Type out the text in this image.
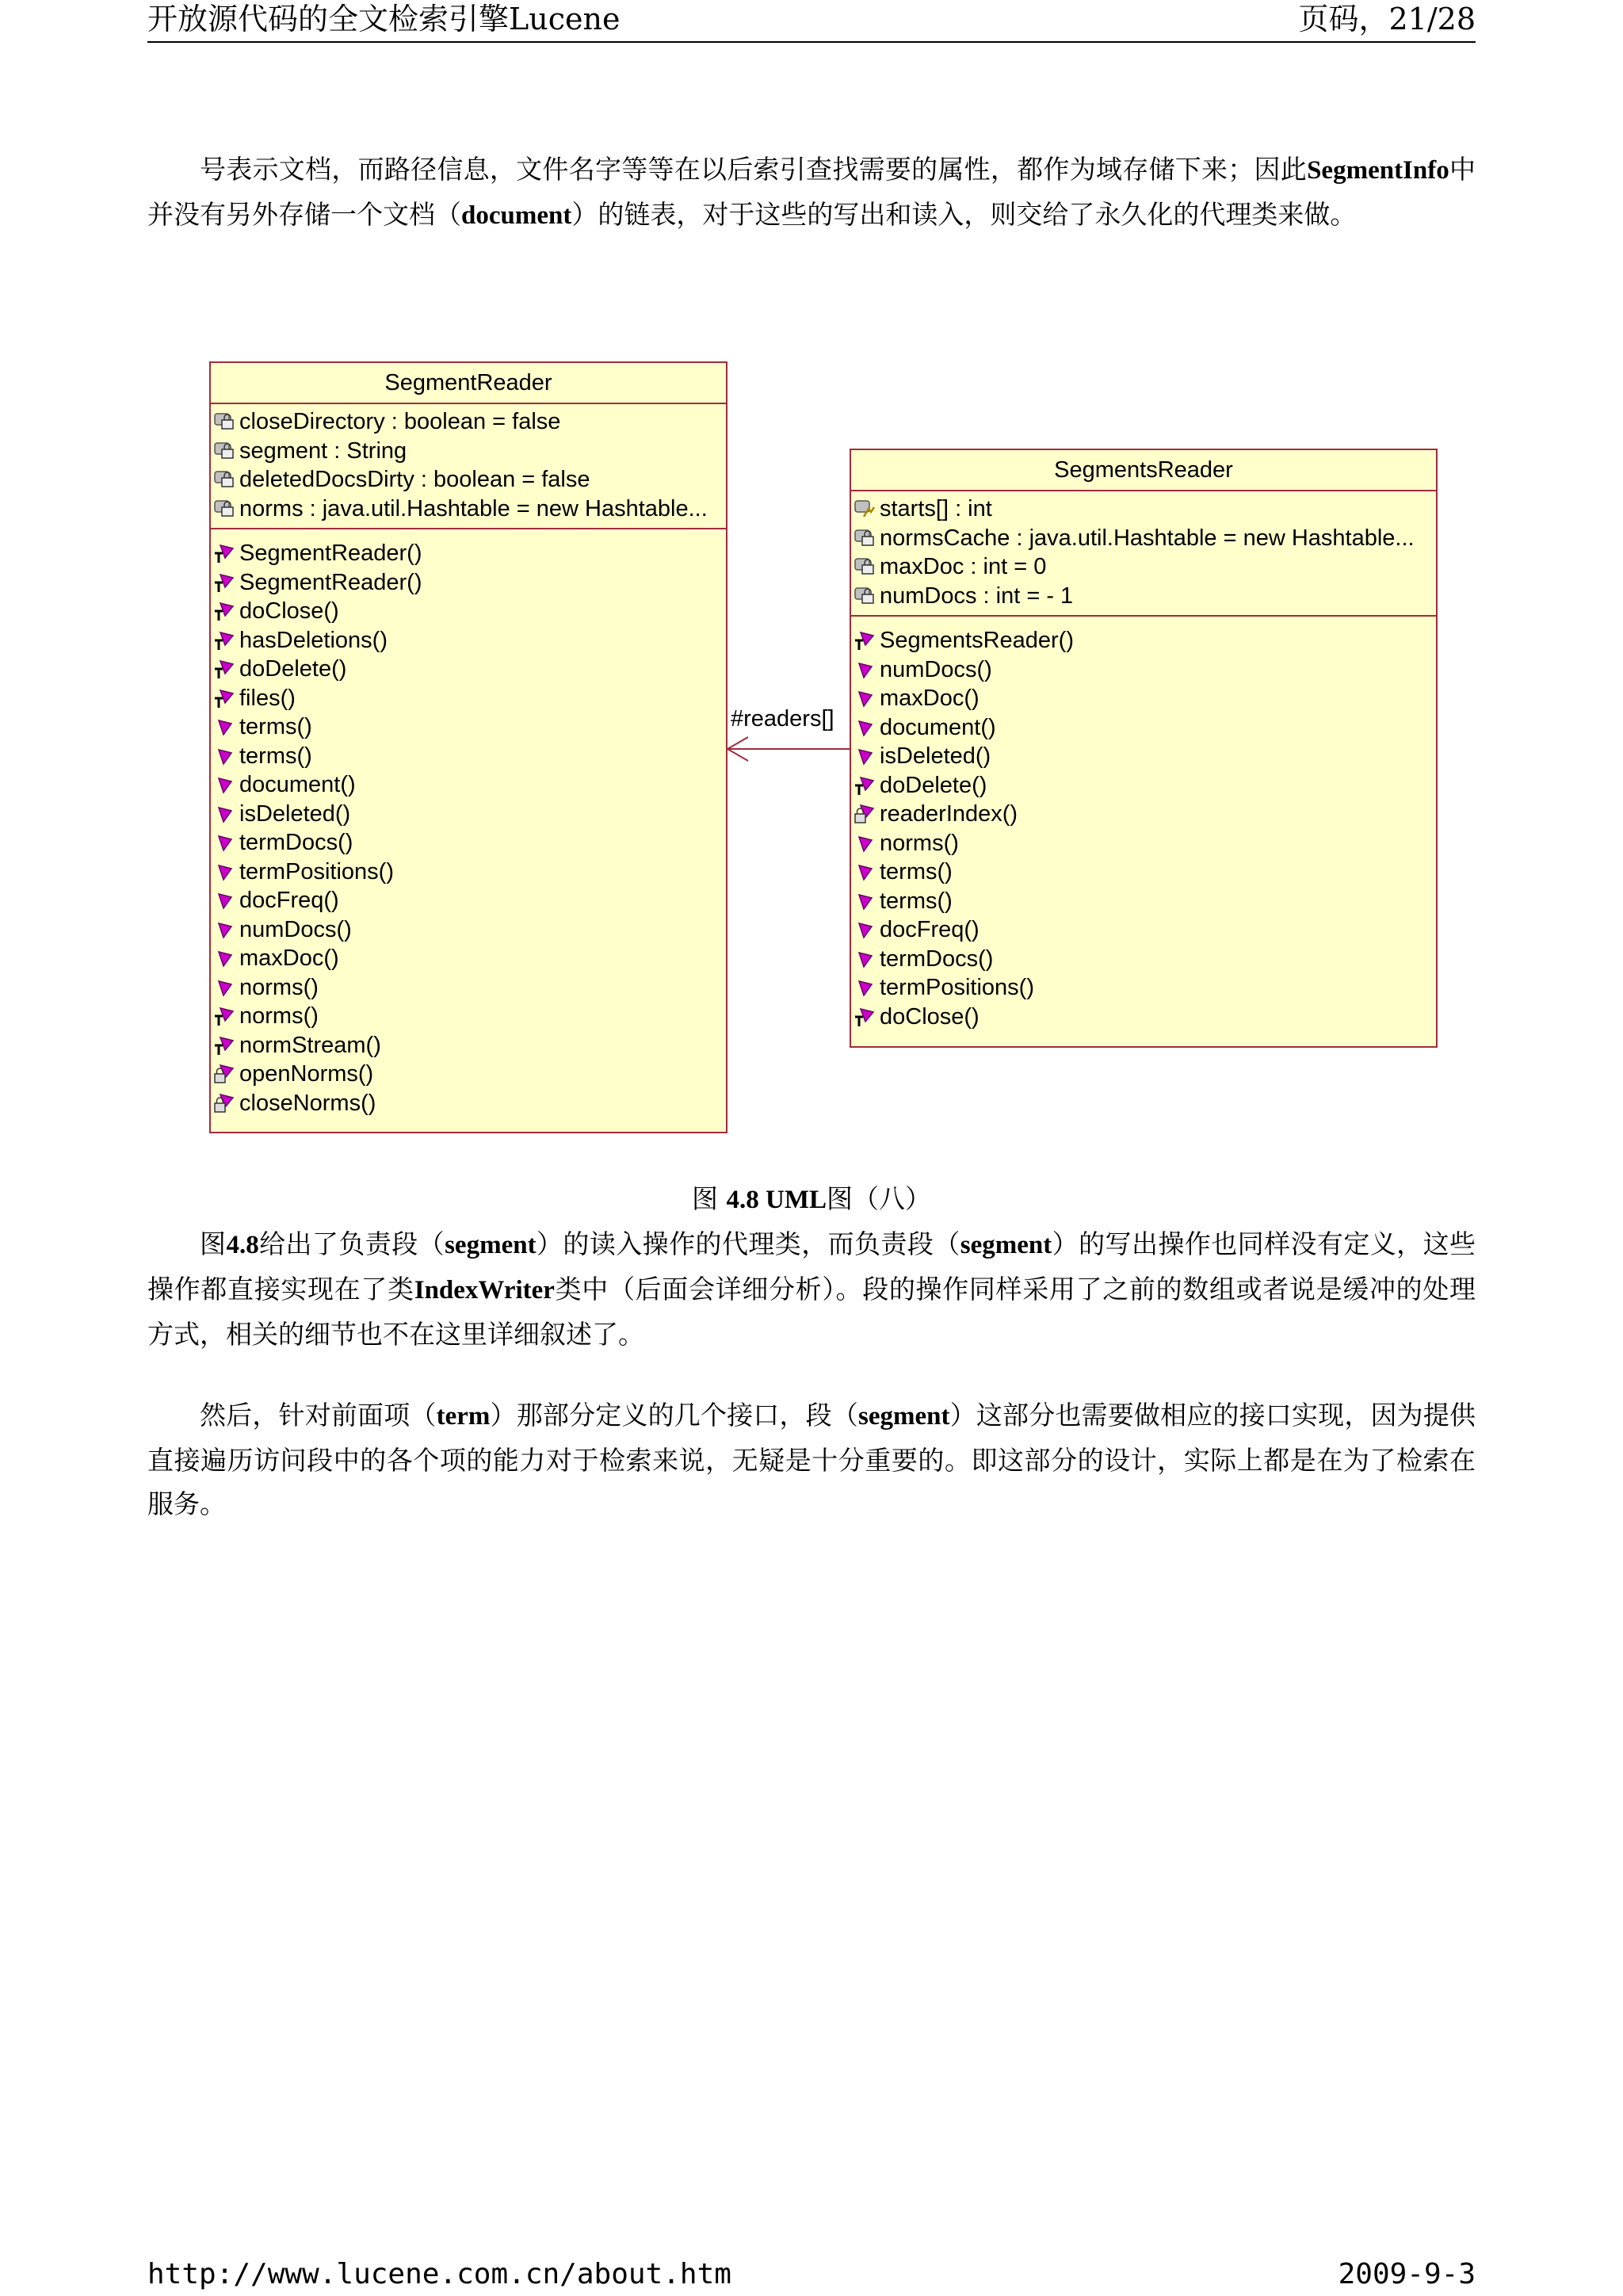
开放源代码的全文检索引擎Lucene	页码，21/28

号表示文档，而路径信息，文件名字等等在以后索引查找需要的属性，都作为域存储下来；因此SegmentInfo中并没有另外存储一个文档（document）的链表，对于这些的写出和读入，则交给了永久化的代理类来做。

SegmentReader
closeDirectory : boolean = false
segment : String
deletedDocsDirty : boolean = false
norms : java.util.Hashtable = new Hashtable...
SegmentReader()
SegmentReader()
doClose()
hasDeletions()
doDelete()
files()
terms()
terms()
document()
isDeleted()
termDocs()
termPositions()
docFreq()
numDocs()
maxDoc()
norms()
norms()
normStream()
openNorms()
closeNorms()
SegmentsReader
starts[] : int
normsCache : java.util.Hashtable = new Hashtable...
maxDoc : int = 0
numDocs : int = - 1
SegmentsReader()
numDocs()
maxDoc()
document()
isDeleted()
doDelete()
readerIndex()
norms()
terms()
terms()
docFreq()
termDocs()
termPositions()
doClose()
#readers[]
图 4.8 UML图（八）

图4.8给出了负责段（segment）的读入操作的代理类，而负责段（segment）的写出操作也同样没有定义，这些操作都直接实现在了类IndexWriter类中（后面会详细分析）。段的操作同样采用了之前的数组或者说是缓冲的处理方式，相关的细节也不在这里详细叙述了。

然后，针对前面项（term）那部分定义的几个接口，段（segment）这部分也需要做相应的接口实现，因为提供直接遍历访问段中的各个项的能力对于检索来说，无疑是十分重要的。即这部分的设计，实际上都是在为了检索在服务。

http://www.lucene.com.cn/about.htm	2009-9-3
